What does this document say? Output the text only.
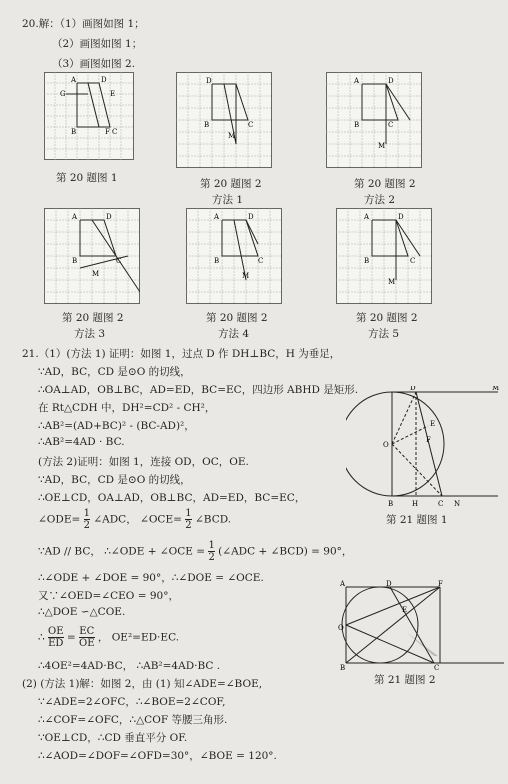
20.解：（1）画图如图 1；
（2）画图如图 1；
（3）画图如图 2.
A	D
B	F C
G	E
第 20 题图 1
D
B	C
M
第 20 题图 2
方法 1
A	D
B	C
M
第 20 题图 2
方法 2
A	D
B	C
M
第 20 题图 2
方法 3
A	D
B	C
M
第 20 题图 2
方法 4
A	D
B	C
M
第 20 题图 2
方法 5
21.（1）(方法 1) 证明：如图 1，过点 D 作 DH⊥BC，H 为垂足，
∵AD，BC，CD 是⊙O 的切线，
∴OA⊥AD，OB⊥BC，AD=ED，BC=EC，四边形 ABHD 是矩形.
在 Rt△CDH 中，DH²=CD² - CH²，
∴AB²=(AD+BC)² - (BC-AD)²，
∴AB²=4AD · BC.
(方法 2)证明：如图 1，连接 OD，OC，OE.
∵AD，BC，CD 是⊙O 的切线，
∴OE⊥CD，OA⊥AD，OB⊥BC，AD=ED，BC=EC，
∠ODE= $\frac{1}{2}$ ∠ADC， ∠OCE= $\frac{1}{2}$ ∠BCD.
∵AD // BC， ∴∠ODE + ∠OCE = $\frac{1}{2}$ (∠ADC + ∠BCD) = 90°，
∴∠ODE + ∠DOE = 90°，∴∠DOE = ∠OCE.
又∵∠OED=∠CEO = 90°，
∴△DOE ∽△COE.
∴ $\frac{OE}{ED} = \frac{EC}{OE}$ ， OE²=ED·EC.
∴4OE²=4AD·BC， ∴AB²=4AD·BC .
(2) (方法 1)解：如图 2，由 (1) 知∠ADE=∠BOE,
∵∠ADE=2∠OFC，∴∠BOE=2∠COF,
∴∠COF=∠OFC，∴△COF 等腰三角形.
∵OE⊥CD，∴CD 垂直平分 OF.
∴∠AOD=∠DOF=∠OFD=30°，∠BOE = 120°.
D
E
F
O
B	H	C N
M
第 21 题图 1
A	D	F
O
E
B	C
第 21 题图 2
